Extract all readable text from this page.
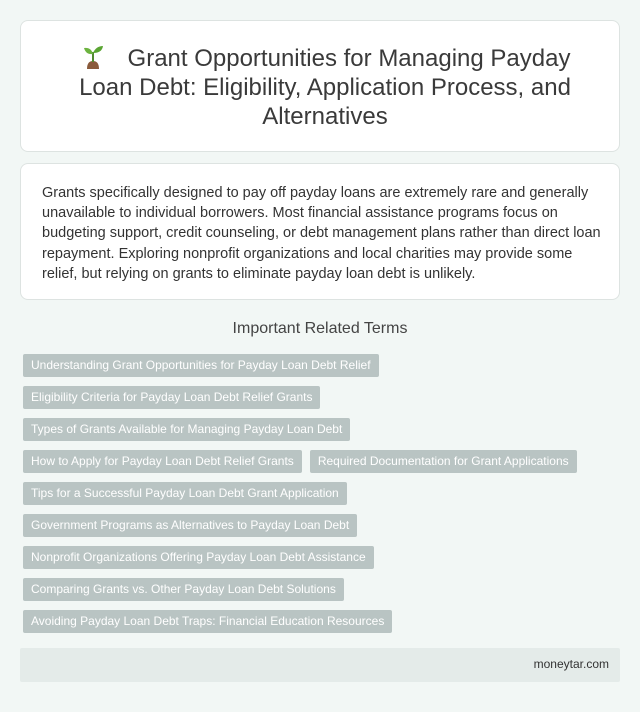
Grant Opportunities for Managing Payday Loan Debt: Eligibility, Application Process, and Alternatives
Grants specifically designed to pay off payday loans are extremely rare and generally unavailable to individual borrowers. Most financial assistance programs focus on budgeting support, credit counseling, or debt management plans rather than direct loan repayment. Exploring nonprofit organizations and local charities may provide some relief, but relying on grants to eliminate payday loan debt is unlikely.
Important Related Terms
Understanding Grant Opportunities for Payday Loan Debt Relief
Eligibility Criteria for Payday Loan Debt Relief Grants
Types of Grants Available for Managing Payday Loan Debt
How to Apply for Payday Loan Debt Relief Grants	Required Documentation for Grant Applications
Tips for a Successful Payday Loan Debt Grant Application
Government Programs as Alternatives to Payday Loan Debt
Nonprofit Organizations Offering Payday Loan Debt Assistance
Comparing Grants vs. Other Payday Loan Debt Solutions
Avoiding Payday Loan Debt Traps: Financial Education Resources
moneytar.com
